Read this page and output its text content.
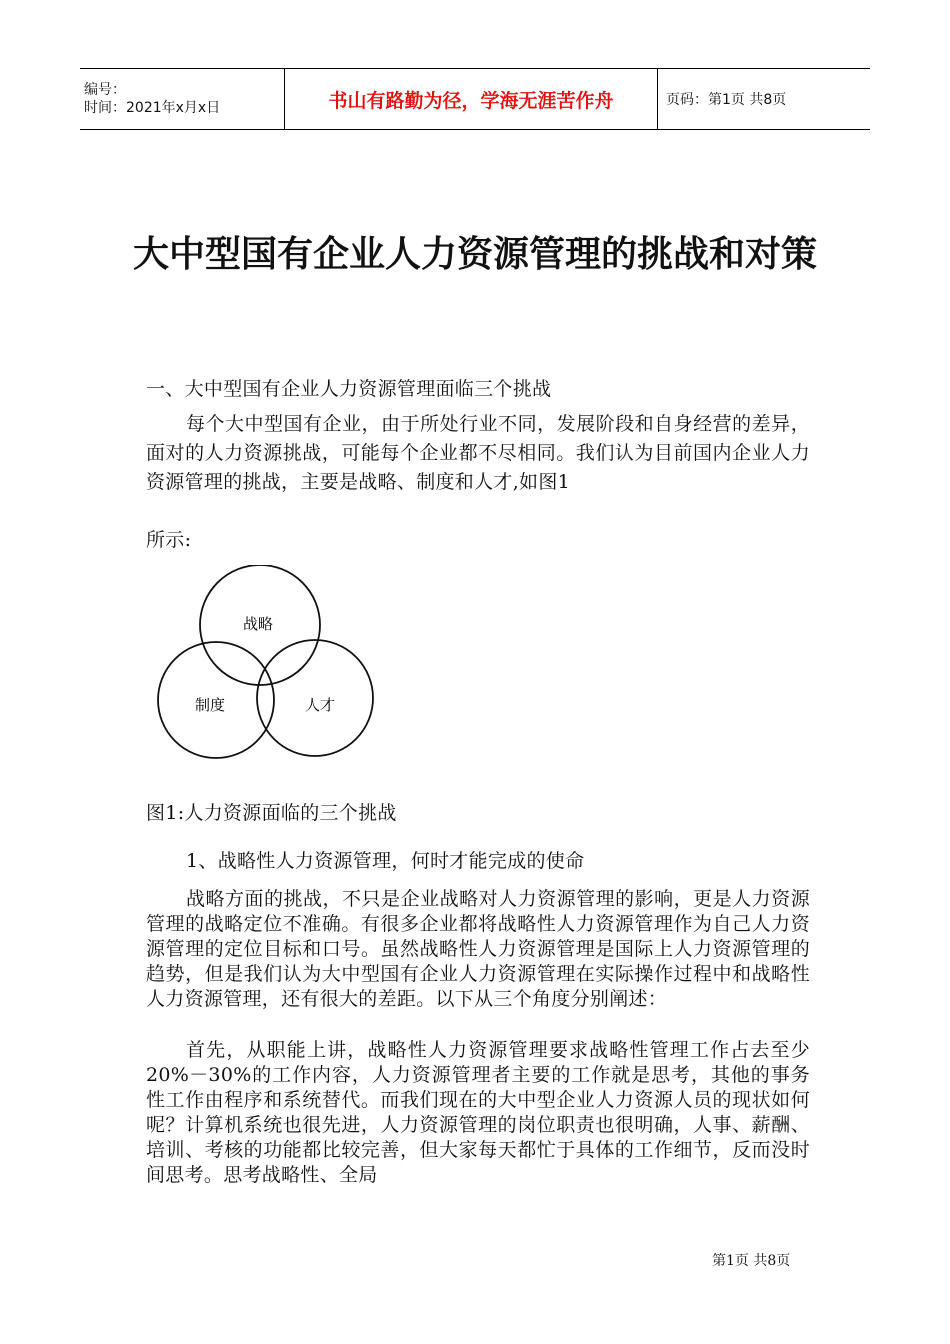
编号：
时间：2021年x月x日	书山有路勤为径，学海无涯苦作舟	页码：第1页 共8页
大中型国有企业人力资源管理的挑战和对策
一、大中型国有企业人力资源管理面临三个挑战
每个大中型国有企业，由于所处行业不同，发展阶段和自身经营的差异，面对的人力资源挑战，可能每个企业都不尽相同。我们认为目前国内企业人力资源管理的挑战，主要是战略、制度和人才,如图1
所示:
战略
制度	人才
图1:人力资源面临的三个挑战
1、战略性人力资源管理，何时才能完成的使命
战略方面的挑战，不只是企业战略对人力资源管理的影响，更是人力资源管理的战略定位不准确。有很多企业都将战略性人力资源管理作为自己人力资源管理的定位目标和口号。虽然战略性人力资源管理是国际上人力资源管理的趋势，但是我们认为大中型国有企业人力资源管理在实际操作过程中和战略性人力资源管理，还有很大的差距。以下从三个角度分别阐述：
首先，从职能上讲，战略性人力资源管理要求战略性管理工作占去至少20%－30%的工作内容，人力资源管理者主要的工作就是思考，其他的事务性工作由程序和系统替代。而我们现在的大中型企业人力资源人员的现状如何呢？计算机系统也很先进，人力资源管理的岗位职责也很明确，人事、薪酬、培训、考核的功能都比较完善，但大家每天都忙于具体的工作细节，反而没时间思考。思考战略性、全局
第1页 共8页
